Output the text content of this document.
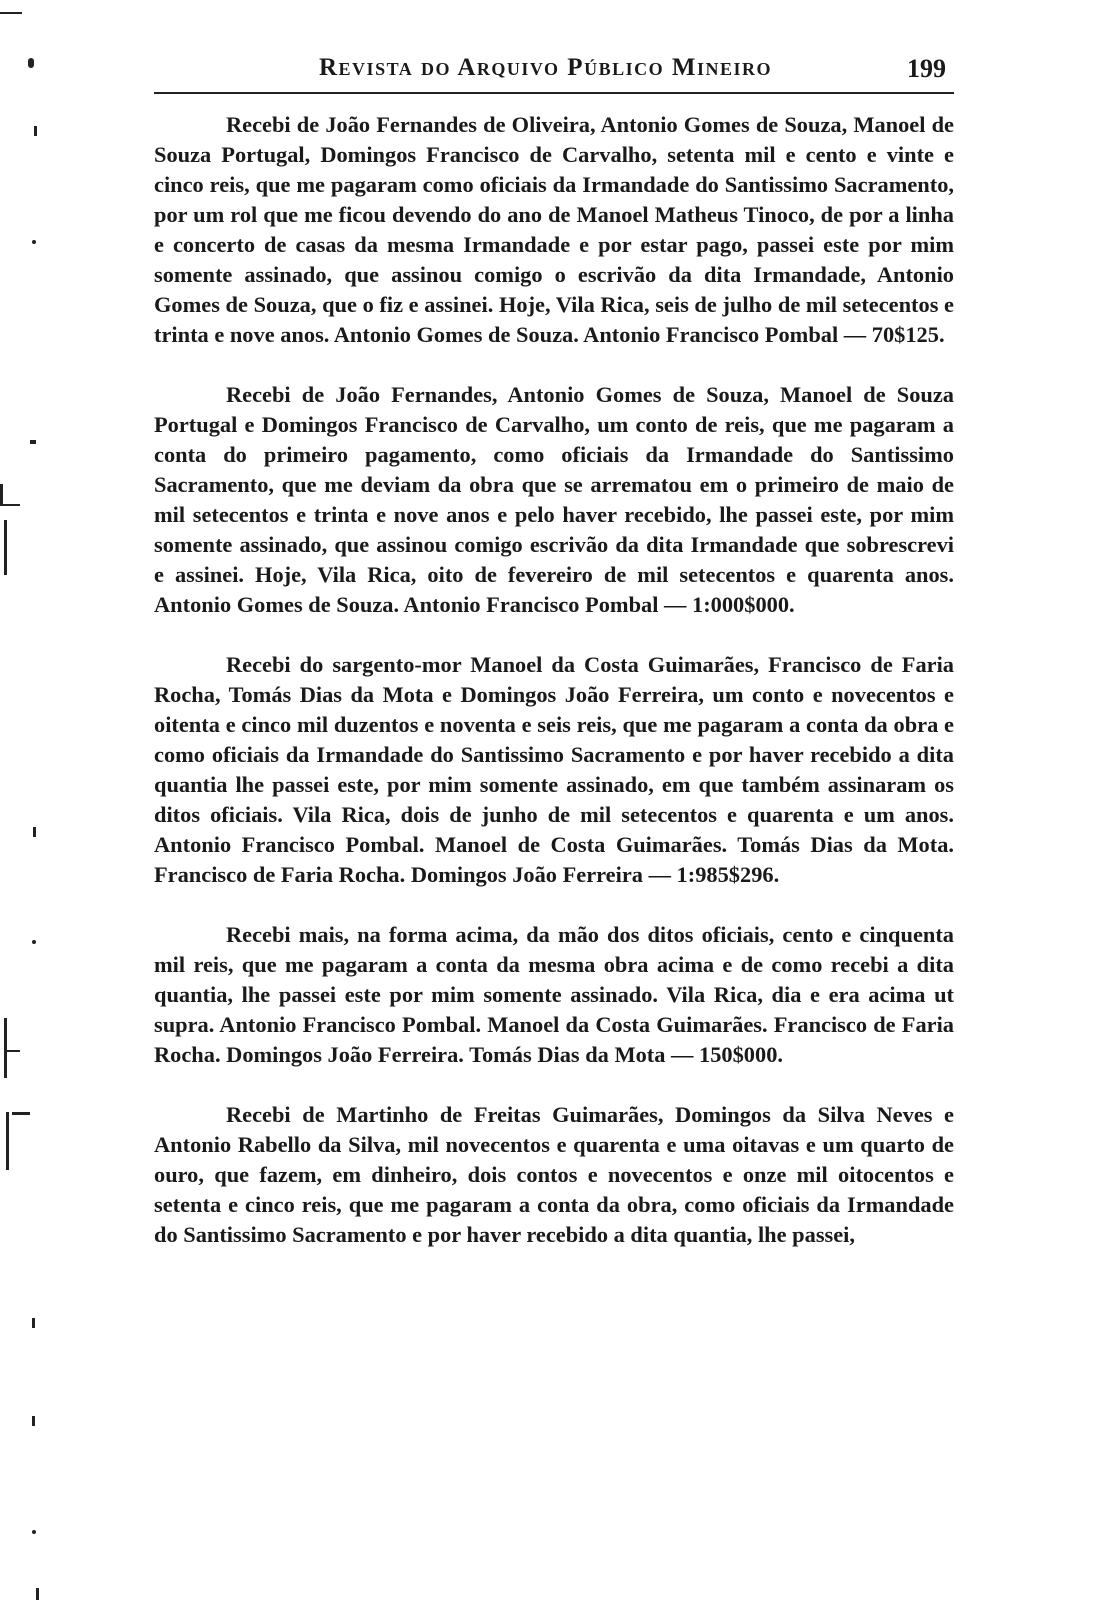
Revista do Arquivo Público Mineiro	199

Recebi de João Fernandes de Oliveira, Antonio Gomes de Souza, Manoel de Souza Portugal, Domingos Francisco de Carvalho, setenta mil e cento e vinte e cinco reis, que me pagaram como oficiais da Irmandade do Santissimo Sacramento, por um rol que me ficou devendo do ano de Manoel Matheus Tinoco, de por a linha e concerto de casas da mesma Irmandade e por estar pago, passei este por mim somente assinado, que assinou comigo o escrivão da dita Irmandade, Antonio Gomes de Souza, que o fiz e assinei. Hoje, Vila Rica, seis de julho de mil setecentos e trinta e nove anos. Antonio Gomes de Souza. Antonio Francisco Pombal — 70$125.

Recebi de João Fernandes, Antonio Gomes de Souza, Manoel de Souza Portugal e Domingos Francisco de Carvalho, um conto de reis, que me pagaram a conta do primeiro pagamento, como oficiais da Irmandade do Santissimo Sacramento, que me deviam da obra que se arrematou em o primeiro de maio de mil setecentos e trinta e nove anos e pelo haver recebido, lhe passei este, por mim somente assinado, que assinou comigo escrivão da dita Irmandade que sobrescrevi e assinei. Hoje, Vila Rica, oito de fevereiro de mil setecentos e quarenta anos. Antonio Gomes de Souza. Antonio Francisco Pombal — 1:000$000.

Recebi do sargento-mor Manoel da Costa Guimarães, Francisco de Faria Rocha, Tomás Dias da Mota e Domingos João Ferreira, um conto e novecentos e oitenta e cinco mil duzentos e noventa e seis reis, que me pagaram a conta da obra e como oficiais da Irmandade do Santissimo Sacramento e por haver recebido a dita quantia lhe passei este, por mim somente assinado, em que também assinaram os ditos oficiais. Vila Rica, dois de junho de mil setecentos e quarenta e um anos. Antonio Francisco Pombal. Manoel de Costa Guimarães. Tomás Dias da Mota. Francisco de Faria Rocha. Domingos João Ferreira — 1:985$296.

Recebi mais, na forma acima, da mão dos ditos oficiais, cento e cinquenta mil reis, que me pagaram a conta da mesma obra acima e de como recebi a dita quantia, lhe passei este por mim somente assinado. Vila Rica, dia e era acima ut supra. Antonio Francisco Pombal. Manoel da Costa Guimarães. Francisco de Faria Rocha. Domingos João Ferreira. Tomás Dias da Mota — 150$000.

Recebi de Martinho de Freitas Guimarães, Domingos da Silva Neves e Antonio Rabello da Silva, mil novecentos e quarenta e uma oitavas e um quarto de ouro, que fazem, em dinheiro, dois contos e novecentos e onze mil oitocentos e setenta e cinco reis, que me pagaram a conta da obra, como oficiais da Irmandade do Santissimo Sacramento e por haver recebido a dita quantia, lhe passei,
